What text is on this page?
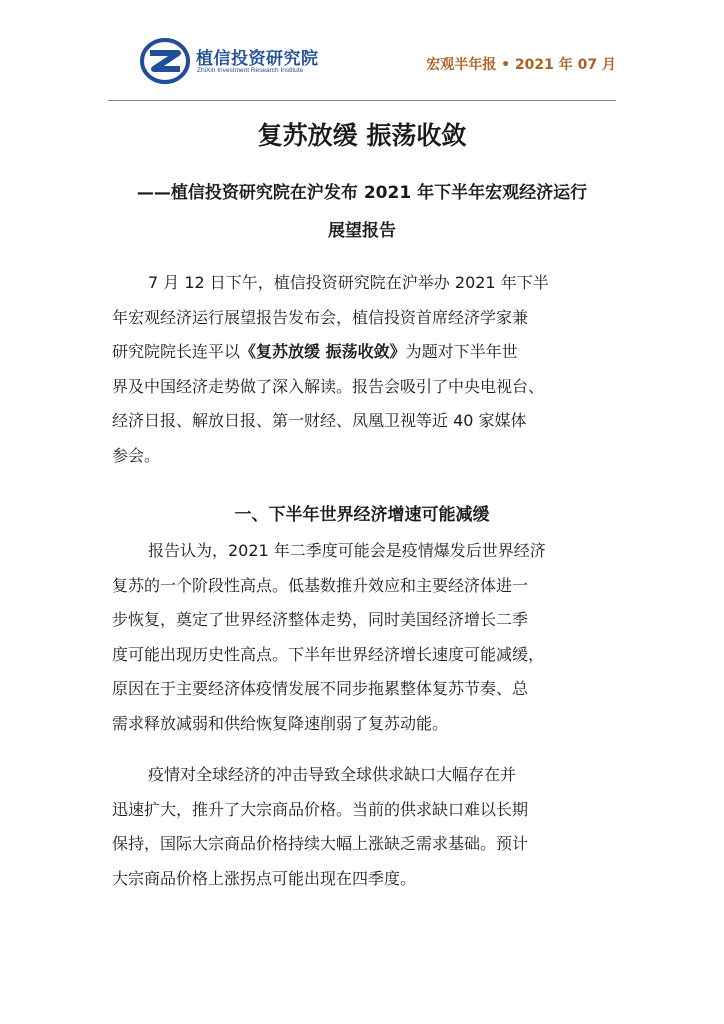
植信投资研究院
ZhiXin Investment Research Institute	宏观半年报 • 2021 年 07 月
复苏放缓 振荡收敛
——植信投资研究院在沪发布 2021 年下半年宏观经济运行
展望报告
7 月 12 日下午，植信投资研究院在沪举办 2021 年下半
年宏观经济运行展望报告发布会，植信投资首席经济学家兼
研究院院长连平以《复苏放缓 振荡收敛》为题对下半年世
界及中国经济走势做了深入解读。报告会吸引了中央电视台、
经济日报、解放日报、第一财经、凤凰卫视等近 40 家媒体
参会。
一、下半年世界经济增速可能减缓
报告认为，2021 年二季度可能会是疫情爆发后世界经济
复苏的一个阶段性高点。低基数推升效应和主要经济体进一
步恢复，奠定了世界经济整体走势，同时美国经济增长二季
度可能出现历史性高点。下半年世界经济增长速度可能减缓，
原因在于主要经济体疫情发展不同步拖累整体复苏节奏、总
需求释放减弱和供给恢复降速削弱了复苏动能。
疫情对全球经济的冲击导致全球供求缺口大幅存在并
迅速扩大，推升了大宗商品价格。当前的供求缺口难以长期
保持，国际大宗商品价格持续大幅上涨缺乏需求基础。预计
大宗商品价格上涨拐点可能出现在四季度。
